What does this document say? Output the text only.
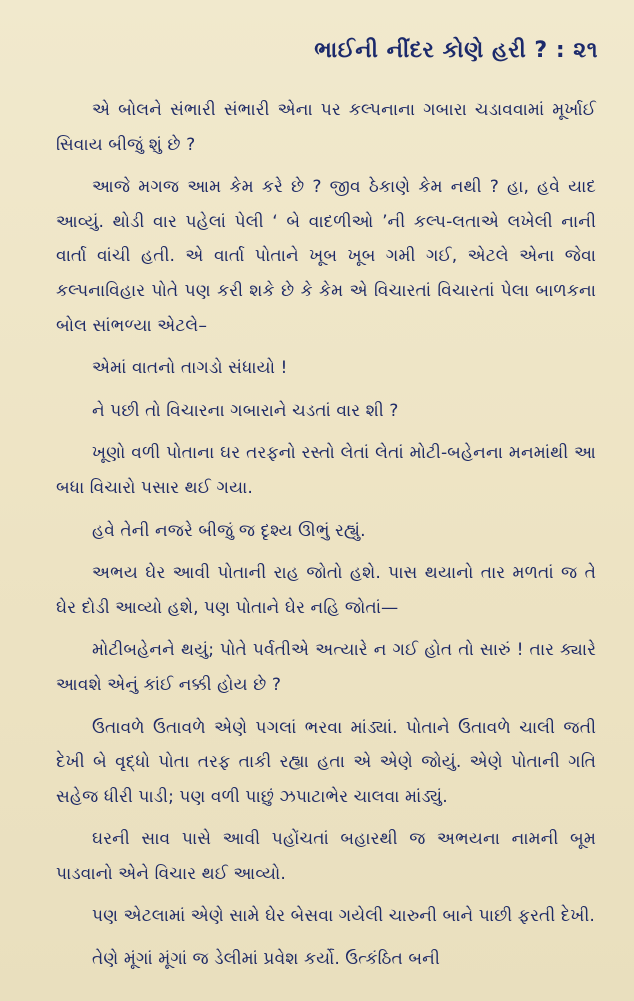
ભાઈની નીંદર કોણે હરી ? : ૨૧

એ બોલને સંભારી સંભારી એના પર કલ્પનાના ગબારા ચડાવવામાં મૂર્ખાઈ સિવાય બીજું શું છે ?

આજે મગજ આમ કેમ કરે છે ? જીવ ઠેકાણે કેમ નથી ? હા, હવે યાદ આવ્યું. થોડી વાર પહેલાં પેલી ‘ બે વાદળીઓ ’ની કલ્પ-લતાએ લખેલી નાની વાર્તા વાંચી હતી. એ વાર્તા પોતાને ખૂબ ખૂબ ગમી ગઈ, એટલે એના જેવા કલ્પનાવિહાર પોતે પણ કરી શકે છે કે કેમ એ વિચારતાં વિચારતાં પેલા બાળકના બોલ સાંભળ્યા એટલે–

એમાં વાતનો તાગડો સંધાયો !

ને પછી તો વિચારના ગબારાને ચડતાં વાર શી ?

ખૂણો વળી પોતાના ઘર તરફનો રસ્તો લેતાં લેતાં મોટી-બહેનના મનમાંથી આ બધા વિચારો પસાર થઈ ગયા.

હવે તેની નજરે બીજું જ દૃશ્ય ઊભું રહ્યું.

અભય ઘેર આવી પોતાની રાહ જોતો હશે. પાસ થયાનો તાર મળતાં જ તે ઘેર દોડી આવ્યો હશે, પણ પોતાને ઘેર નહિ જોતાં—

મોટીબહેનને થયું; પોતે પર્વતીએ અત્યારે ન ગઈ હોત તો સારું ! તાર ક્યારે આવશે એનું કાંઈ નક્કી હોય છે ?

ઉતાવળે ઉતાવળે એણે પગલાં ભરવા માંડ્યાં. પોતાને ઉતાવળે ચાલી જતી દેખી બે વૃદ્ધો પોતા તરફ તાકી રહ્યા હતા એ એણે જોયું. એણે પોતાની ગતિ સહેજ ધીરી પાડી; પણ વળી પાછું ઝપાટાભેર ચાલવા માંડ્યું.

ઘરની સાવ પાસે આવી પહોંચતાં બહારથી જ અભયના નામની બૂમ પાડવાનો એને વિચાર થઈ આવ્યો.

પણ એટલામાં એણે સામે ઘેર બેસવા ગયેલી ચારુની બાને પાછી ફરતી દેખી.

તેણે મૂંગાં મૂંગાં જ ડેલીમાં પ્રવેશ કર્યો. ઉત્કંઠિત બની
